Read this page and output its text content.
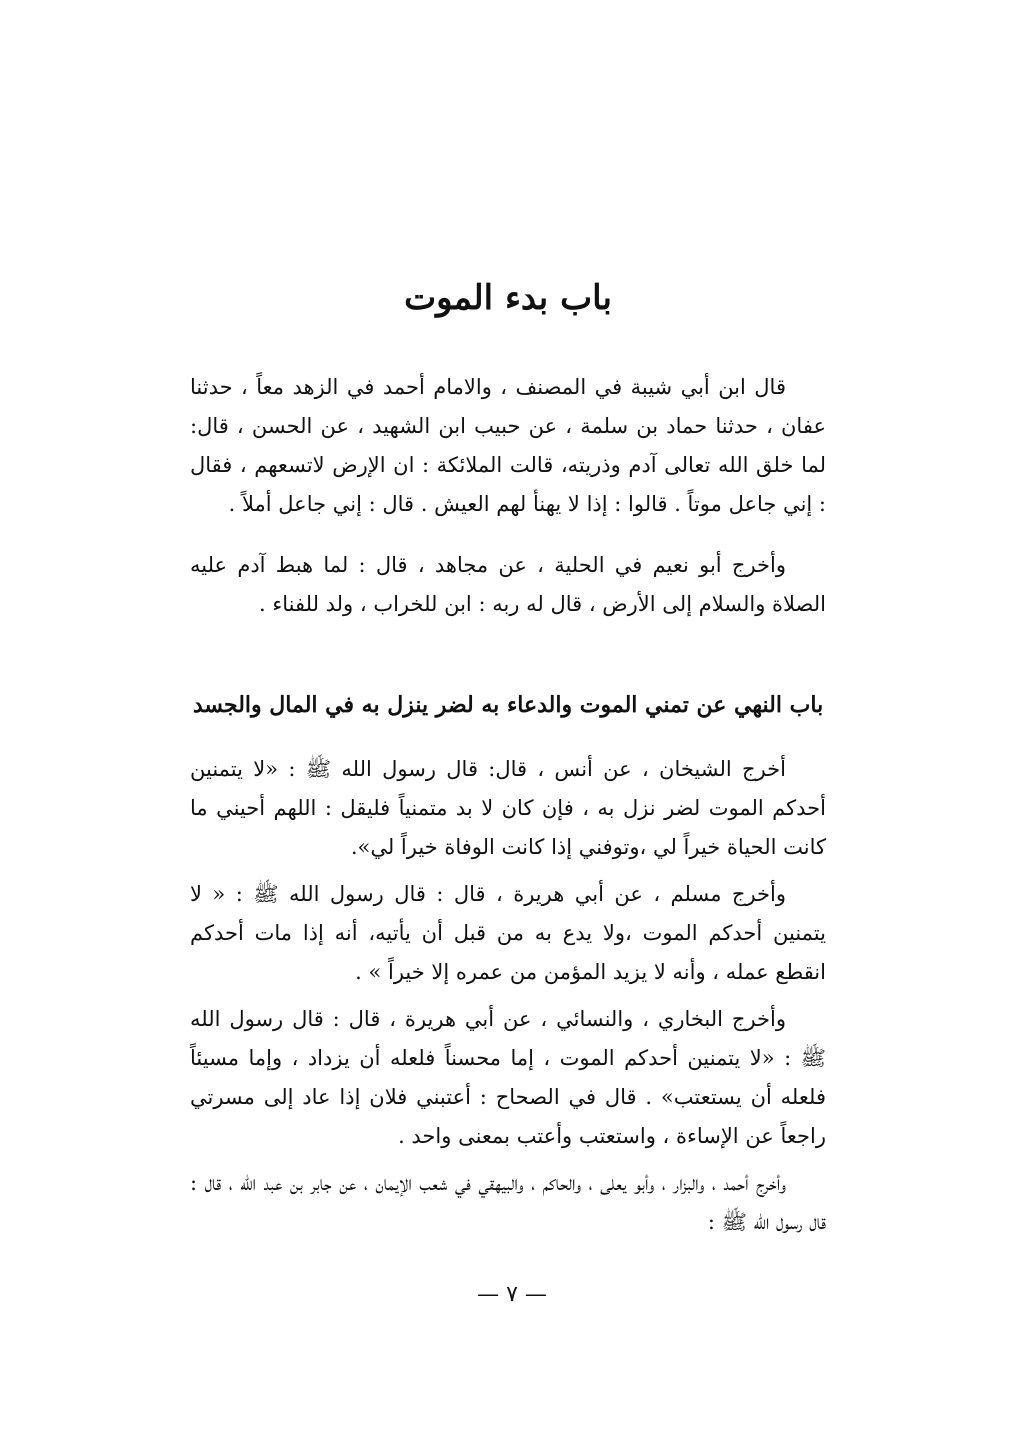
باب بدء الموت

قال ابن أبي شيبة في المصنف ، والامام أحمد في الزهد معاً ، حدثنا عفان ، حدثنا حماد بن سلمة ، عن حبيب ابن الشهيد ، عن الحسن ، قال: لما خلق الله تعالى آدم وذريته، قالت الملائكة : ان الإرض لاتسعهم ، فقال : إني جاعل موتاً . قالوا : إذا لا يهنأ لهم العيش . قال : إني جاعل أملاً .

وأخرج أبو نعيم في الحلية ، عن مجاهد ، قال : لما هبط آدم عليه الصلاة والسلام إلى الأرض ، قال له ربه : ابن للخراب ، ولد للفناء .

باب النهي عن تمني الموت والدعاء به لضر ينزل به في المال والجسد

أخرج الشيخان ، عن أنس ، قال: قال رسول الله ﷺ : «لا يتمنين أحدكم الموت لضر نزل به ، فإن كان لا بد متمنياً فليقل : اللهم أحيني ما كانت الحياة خيراً لي ،وتوفني إذا كانت الوفاة خيراً لي».

وأخرج مسلم ، عن أبي هريرة ، قال : قال رسول الله ﷺ : « لا يتمنين أحدكم الموت ،ولا يدع به من قبل أن يأتيه، أنه إذا مات أحدكم انقطع عمله ، وأنه لا يزيد المؤمن من عمره إلا خيراً » .

وأخرج البخاري ، والنسائي ، عن أبي هريرة ، قال : قال رسول الله ﷺ : «لا يتمنين أحدكم الموت ، إما محسناً فلعله أن يزداد ، وإما مسيئاً فلعله أن يستعتب» . قال في الصحاح : أعتبني فلان إذا عاد إلى مسرتي راجعاً عن الإساءة ، واستعتب وأعتب بمعنى واحد .

وأخرج أحمد ، والبزار ، وأبو يعلى ، والحاكم ، والبيهقي في شعب الإيمان ، عن جابر بن عبد الله ، قال : قال رسول الله ﷺ :

— ٧ —
